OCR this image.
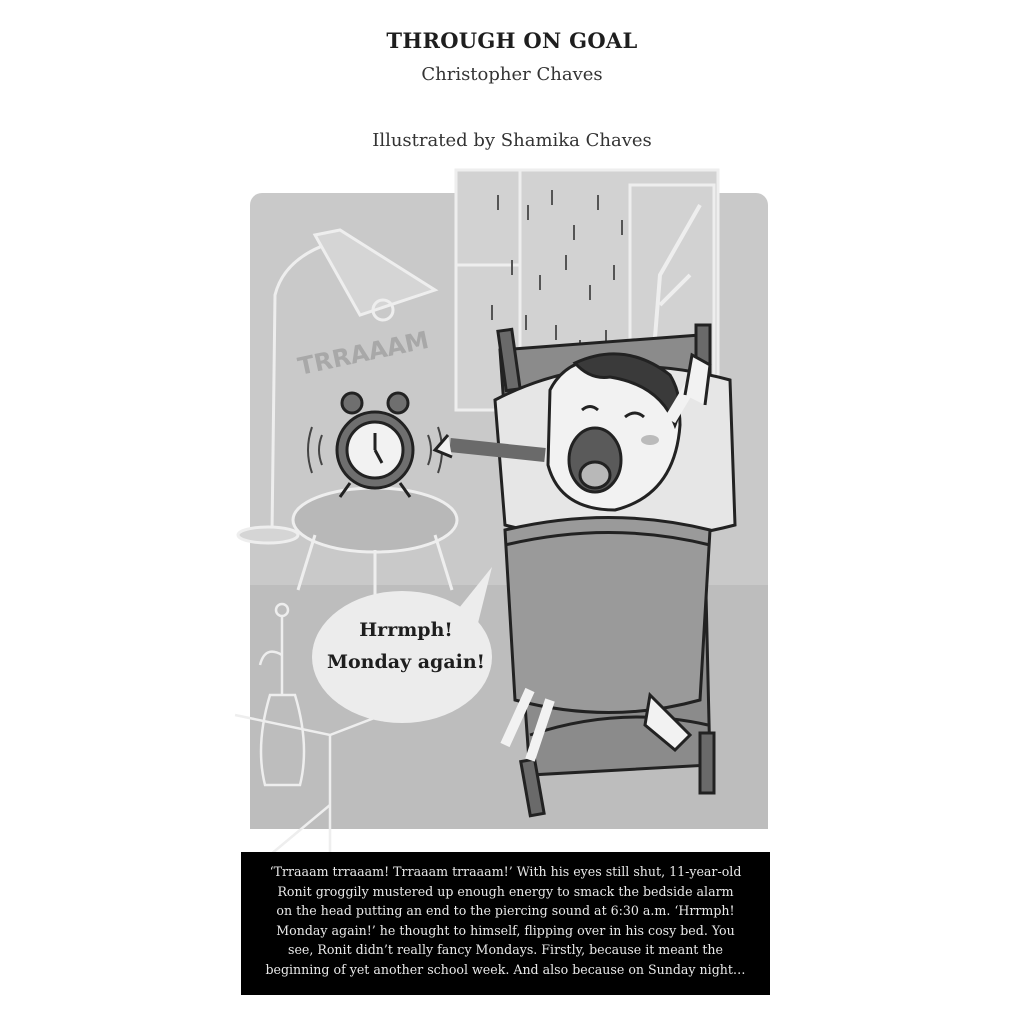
THROUGH ON GOAL
Christopher Chaves
Illustrated by Shamika Chaves
TRRAAAM
Hrrmph!
Monday again!
‘Trraaam trraaam! Trraaam trraaam!’ With his eyes still shut, 11-year-old
Ronit groggily mustered up enough energy to smack the bedside alarm
on the head putting an end to the piercing sound at 6:30 a.m. ‘Hrrmph!
Monday again!’ he thought to himself, flipping over in his cosy bed. You
see, Ronit didn’t really fancy Mondays. Firstly, because it meant the
beginning of yet another school week. And also because on Sunday night…
